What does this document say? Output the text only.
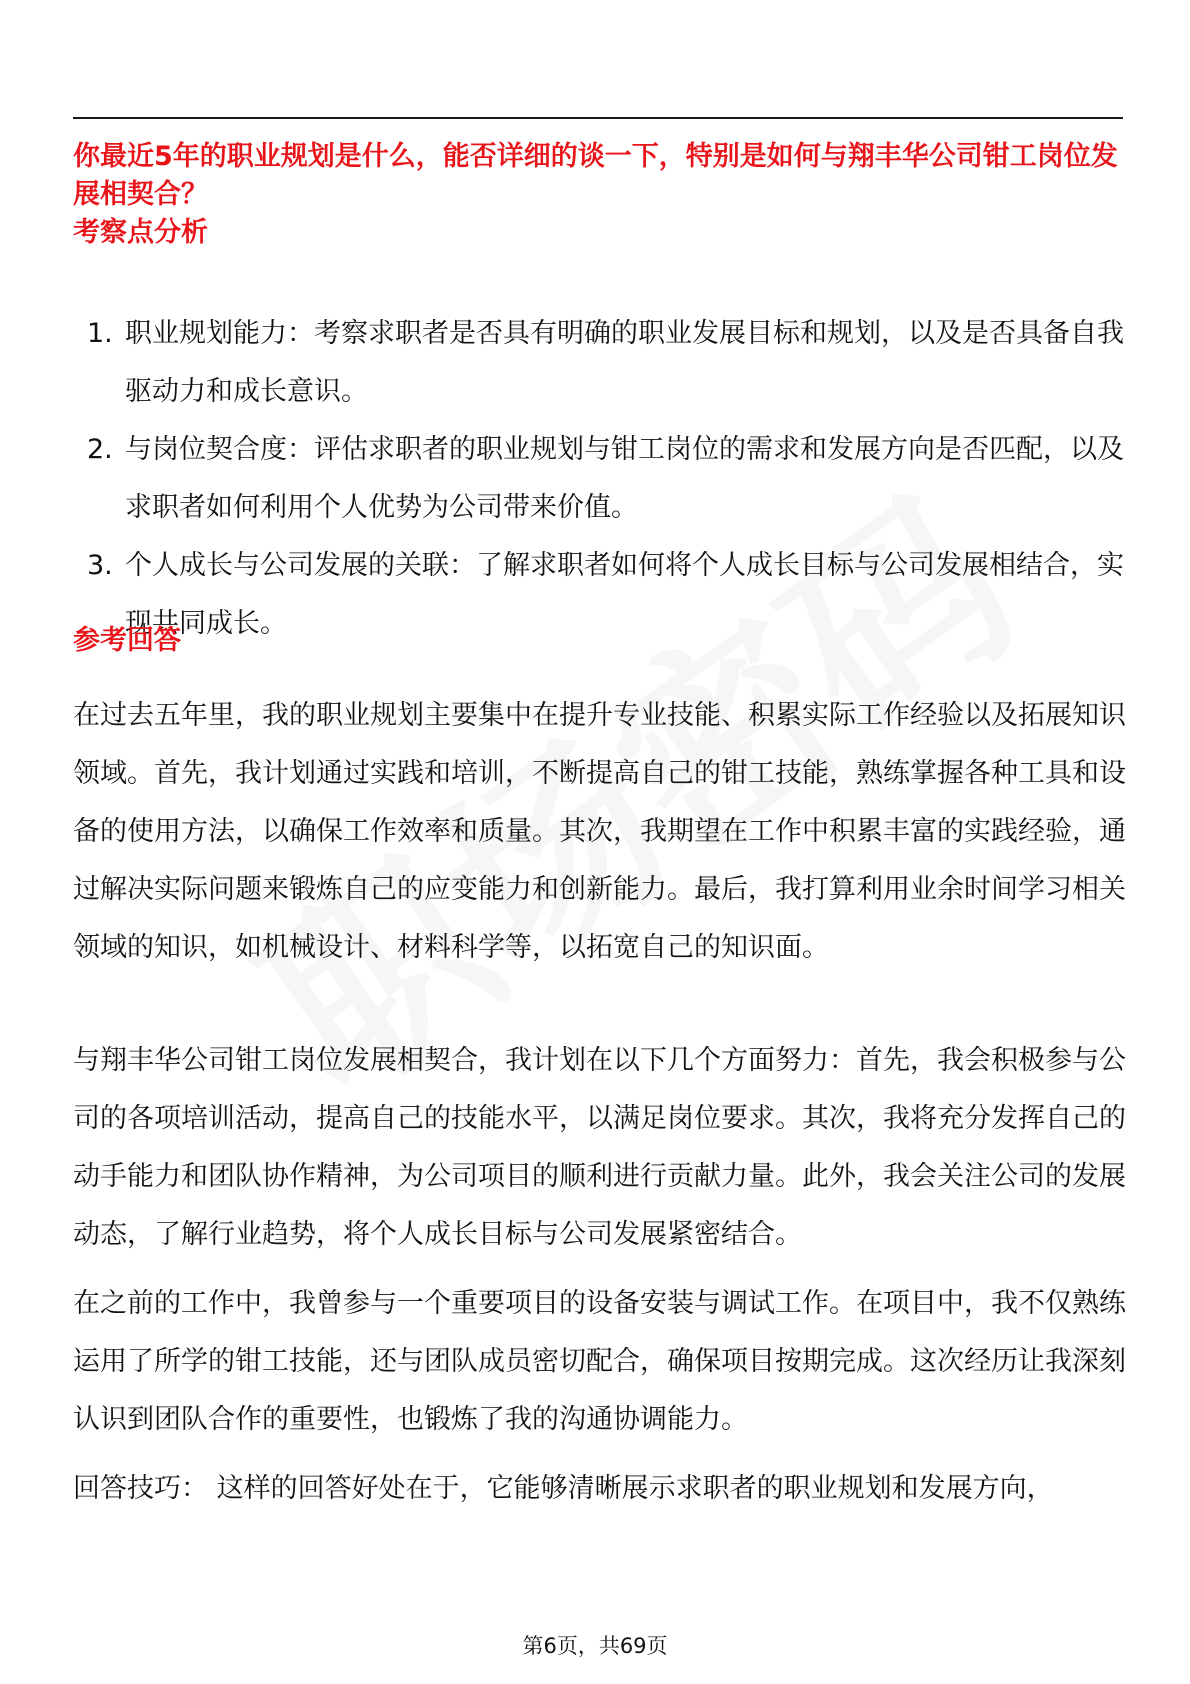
你最近5年的职业规划是什么，能否详细的谈一下，特别是如何与翔丰华公司钳工岗位发展相契合？
考察点分析
1. 职业规划能力：考察求职者是否具有明确的职业发展目标和规划，以及是否具备自我驱动力和成长意识。
2. 与岗位契合度：评估求职者的职业规划与钳工岗位的需求和发展方向是否匹配，以及求职者如何利用个人优势为公司带来价值。
3. 个人成长与公司发展的关联：了解求职者如何将个人成长目标与公司发展相结合，实现共同成长。
参考回答

在过去五年里，我的职业规划主要集中在提升专业技能、积累实际工作经验以及拓展知识领域。首先，我计划通过实践和培训，不断提高自己的钳工技能，熟练掌握各种工具和设备的使用方法，以确保工作效率和质量。其次，我期望在工作中积累丰富的实践经验，通过解决实际问题来锻炼自己的应变能力和创新能力。最后，我打算利用业余时间学习相关领域的知识，如机械设计、材料科学等，以拓宽自己的知识面。

与翔丰华公司钳工岗位发展相契合，我计划在以下几个方面努力：首先，我会积极参与公司的各项培训活动，提高自己的技能水平，以满足岗位要求。其次，我将充分发挥自己的动手能力和团队协作精神，为公司项目的顺利进行贡献力量。此外，我会关注公司的发展动态，了解行业趋势，将个人成长目标与公司发展紧密结合。

在之前的工作中，我曾参与一个重要项目的设备安装与调试工作。在项目中，我不仅熟练运用了所学的钳工技能，还与团队成员密切配合，确保项目按期完成。这次经历让我深刻认识到团队合作的重要性，也锻炼了我的沟通协调能力。

回答技巧： 这样的回答好处在于，它能够清晰展示求职者的职业规划和发展方向，

第6页，共69页
